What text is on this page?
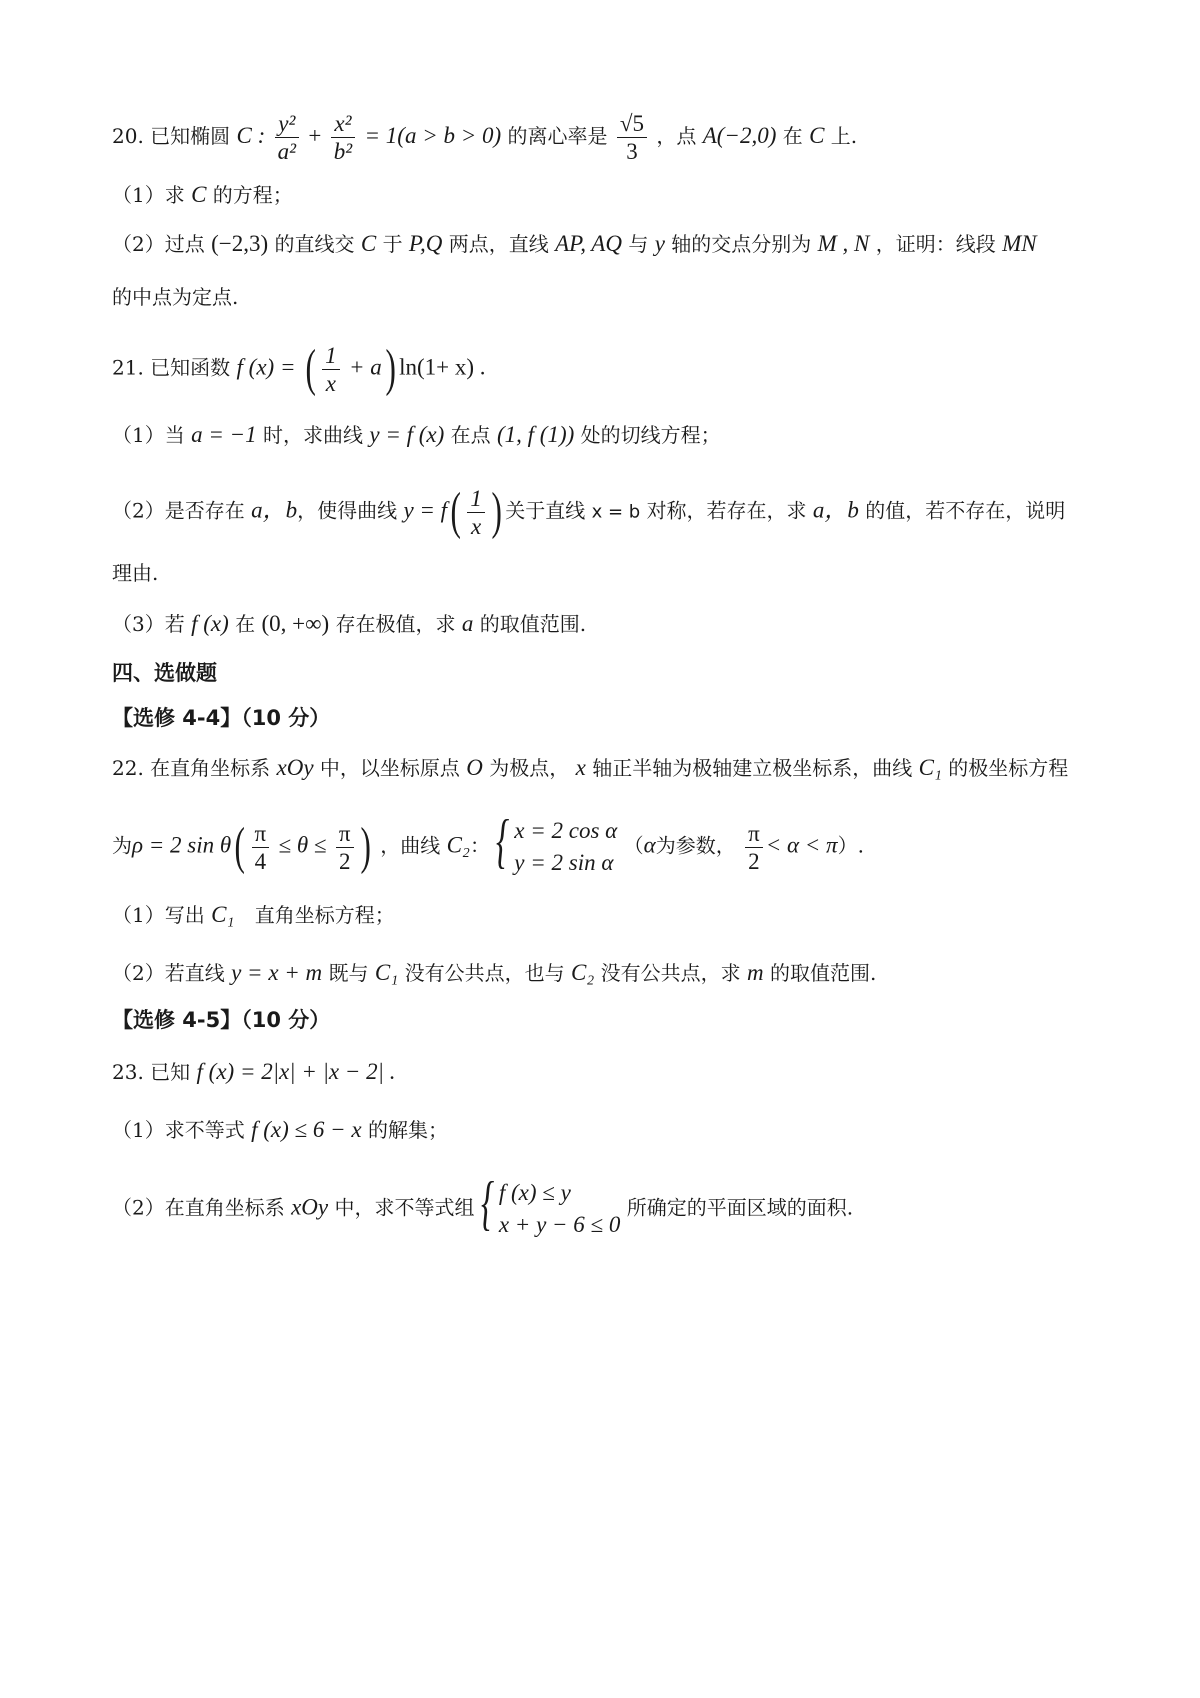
20. 已知椭圆 C : $\frac{\text{y²}}{\text{a²}} + \frac{\text{x²}}{\text{b²}} = 1(a > b > 0)$ 的离心率是 $\frac{√5}{3}$ ，点 A(−2,0) 在 C 上.
（1）求 C 的方程；
（2）过点 (−2,3) 的直线交 C 于 P,Q 两点，直线 AP, AQ 与 y 轴的交点分别为 M , N ，证明：线段 MN
的中点为定点.
21. 已知函数 f (x) = ( $\frac{1}{x} + a$) ln(1+ x) .
（1）当 a = −1 时，求曲线 y = f (x) 在点 (1, f (1)) 处的切线方程；
（2）是否存在 a，b，使得曲线 $y = f( \frac{1}{x}$ ) 关于直线 x = b 对称，若存在，求 a，b 的值，若不存在，说明
理由.
（3）若 f (x) 在 (0, +∞) 存在极值，求 a 的取值范围.
四、选做题
【选修 4-4】（10 分）
22. 在直角坐标系 xOy 中，以坐标原点 O 为极点， x 轴正半轴为极轴建立极坐标系，曲线 C₁ 的极坐标方程
为ρ = 2 $\sin \theta( \frac{\pi}{4} \le \theta \le \frac{\pi}{2}$ ) ，曲线 C₂： { x = 2 cos α
y = 2 sin α
（α为参数， $\frac{\pi}{2} < \alpha < \pi$）.
（1）写出 C₁ 直角坐标方程；
（2）若直线 y = x + m 既与 C₁ 没有公共点，也与 C₂ 没有公共点，求 m 的取值范围.
【选修 4-5】（10 分）
23. 已知 f (x) = 2|x| + |x − 2| .
（1）求不等式 f (x) ≤ 6 − x 的解集；
（2）在直角坐标系 xOy 中，求不等式组 { f (x) ≤ y
x + y − 6 ≤ 0
所确定的平面区域的面积.
